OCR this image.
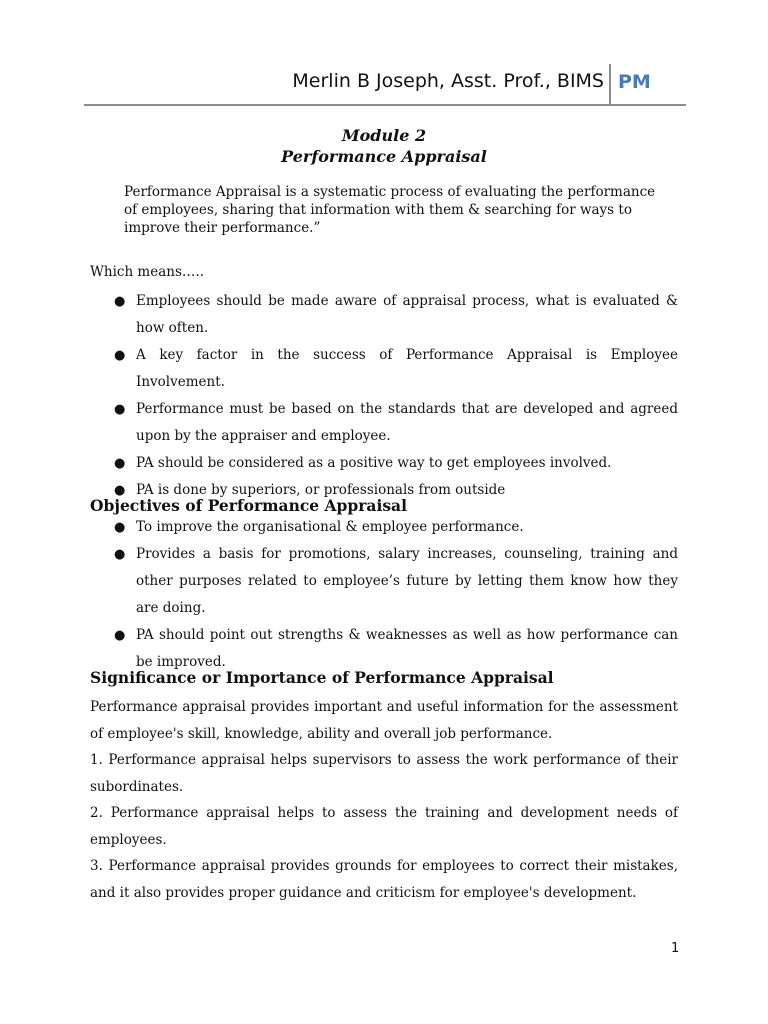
Merlin B Joseph, Asst. Prof., BIMS PM
Module 2
Performance Appraisal
Performance Appraisal is a systematic process of evaluating the performance of employees, sharing that information with them & searching for ways to improve their performance.”
Which means…..
● Employees should be made aware of appraisal process, what is evaluated & how often.
● A key factor in the success of Performance Appraisal is Employee Involvement.
● Performance must be based on the standards that are developed and agreed upon by the appraiser and employee.
● PA should be considered as a positive way to get employees involved.
● PA is done by superiors, or professionals from outside
Objectives of Performance Appraisal
● To improve the organisational & employee performance.
● Provides a basis for promotions, salary increases, counseling, training and other purposes related to employee’s future by letting them know how they are doing.
● PA should point out strengths & weaknesses as well as how performance can be improved.
Significance or Importance of Performance Appraisal

Performance appraisal provides important and useful information for the assessment of employee's skill, knowledge, ability and overall job performance.

1. Performance appraisal helps supervisors to assess the work performance of their subordinates.

2. Performance appraisal helps to assess the training and development needs of employees.

3. Performance appraisal provides grounds for employees to correct their mistakes, and it also provides proper guidance and criticism for employee's development.

1
